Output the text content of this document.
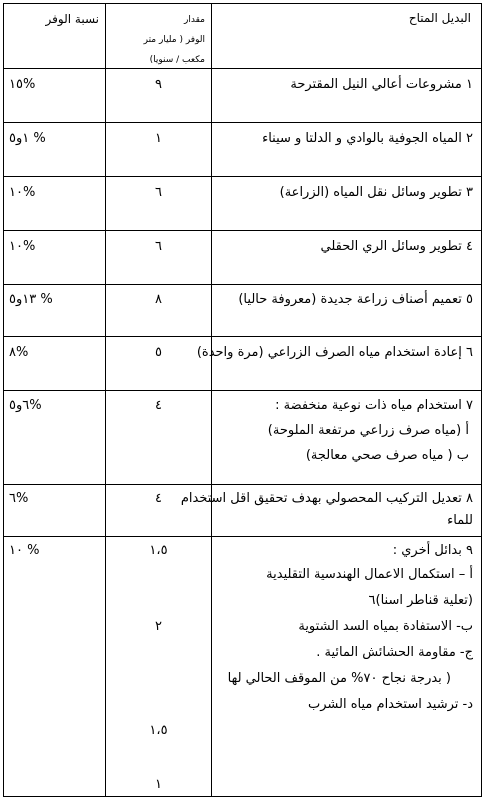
البديل المتاح
مقدار
الوفر ( مليار متر
مكعب / سنويا)
نسبة الوفر
١ مشروعات أعالي النيل المقترحة
٩
١٥%
٢ المياه الجوفية بالوادي و الدلتا و سيناء
١
١و٥ %
٣ تطوير وسائل نقل المياه (الزراعة)
٦
١٠%
٤ تطوير وسائل الري الحقلي
٦
١٠%
٥ تعميم أصناف زراعة جديدة (معروفة حاليا)
٨
١٣و٥ %
٦ إعادة استخدام مياه الصرف الزراعي (مرة واحدة)
٥
٨%
٧ استخدام مياه ذات نوعية منخفضة :
أ (مياه صرف زراعي مرتفعة الملوحة)
ب ( مياه صرف صحي معالجة)
٤
٦و٥%
٨ تعديل التركيب المحصولي بهدف تحقيق اقل استخدام
للماء
٤
٦%
٩ بدائل أخري :
أ – استكمال الاعمال الهندسية التقليدية
(تعلية قناطر اسنا)٦
ب- الاستفادة بمياه السد الشتوية
ج- مقاومة الحشائش المائية .
( بدرجة نجاح ٧٠% من الموقف الحالي لها
د- ترشيد استخدام مياه الشرب
١،٥
٢
١،٥
١
١٠ %
